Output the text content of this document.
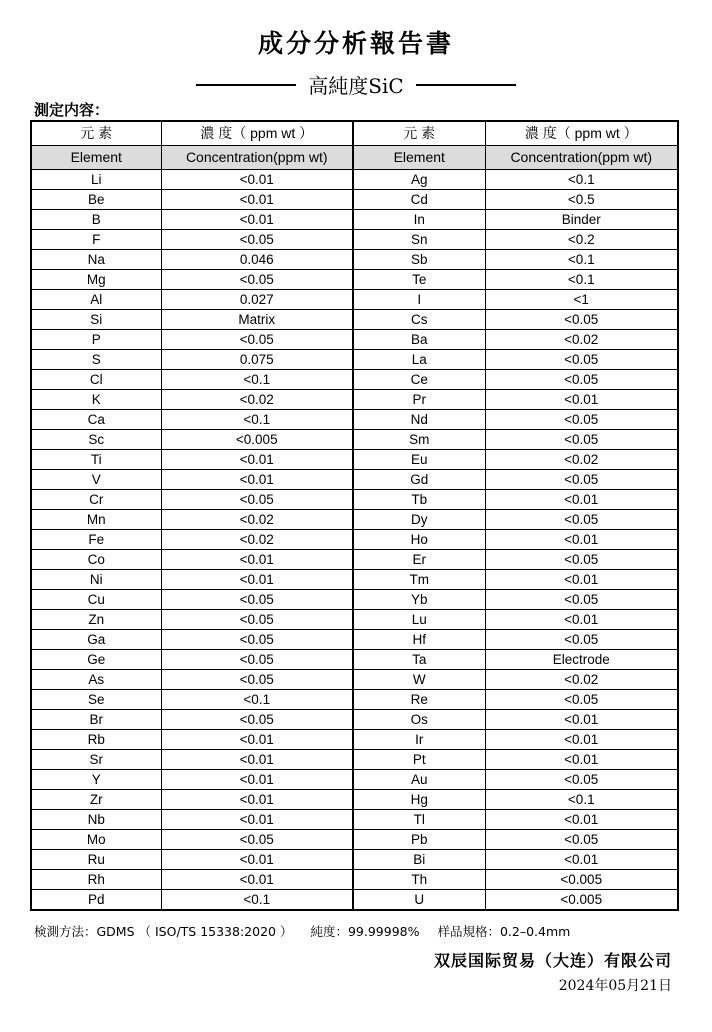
成分分析報告書
高純度SiC
測定内容：
元 素	濃 度（ ppm wt ）	元 素	濃 度（ ppm wt ）
Element	Concentration(ppm wt)	Element	Concentration(ppm wt)
Li	<0.01	Ag	<0.1
Be	<0.01	Cd	<0.5
B	<0.01	In	Binder
F	<0.05	Sn	<0.2
Na	0.046	Sb	<0.1
Mg	<0.05	Te	<0.1
Al	0.027	I	<1
Si	Matrix	Cs	<0.05
P	<0.05	Ba	<0.02
S	0.075	La	<0.05
Cl	<0.1	Ce	<0.05
K	<0.02	Pr	<0.01
Ca	<0.1	Nd	<0.05
Sc	<0.005	Sm	<0.05
Ti	<0.01	Eu	<0.02
V	<0.01	Gd	<0.05
Cr	<0.05	Tb	<0.01
Mn	<0.02	Dy	<0.05
Fe	<0.02	Ho	<0.01
Co	<0.01	Er	<0.05
Ni	<0.01	Tm	<0.01
Cu	<0.05	Yb	<0.05
Zn	<0.05	Lu	<0.01
Ga	<0.05	Hf	<0.05
Ge	<0.05	Ta	Electrode
As	<0.05	W	<0.02
Se	<0.1	Re	<0.05
Br	<0.05	Os	<0.01
Rb	<0.01	Ir	<0.01
Sr	<0.01	Pt	<0.01
Y	<0.01	Au	<0.05
Zr	<0.01	Hg	<0.1
Nb	<0.01	Tl	<0.01
Mo	<0.05	Pb	<0.05
Ru	<0.01	Bi	<0.01
Rh	<0.01	Th	<0.005
Pd	<0.1	U	<0.005
検測方法：GDMS （ ISO/TS 15338:2020 ） 純度：99.99998% 样品規格：0.2–0.4mm
双辰国际贸易（大连）有限公司
2024年05月21日
